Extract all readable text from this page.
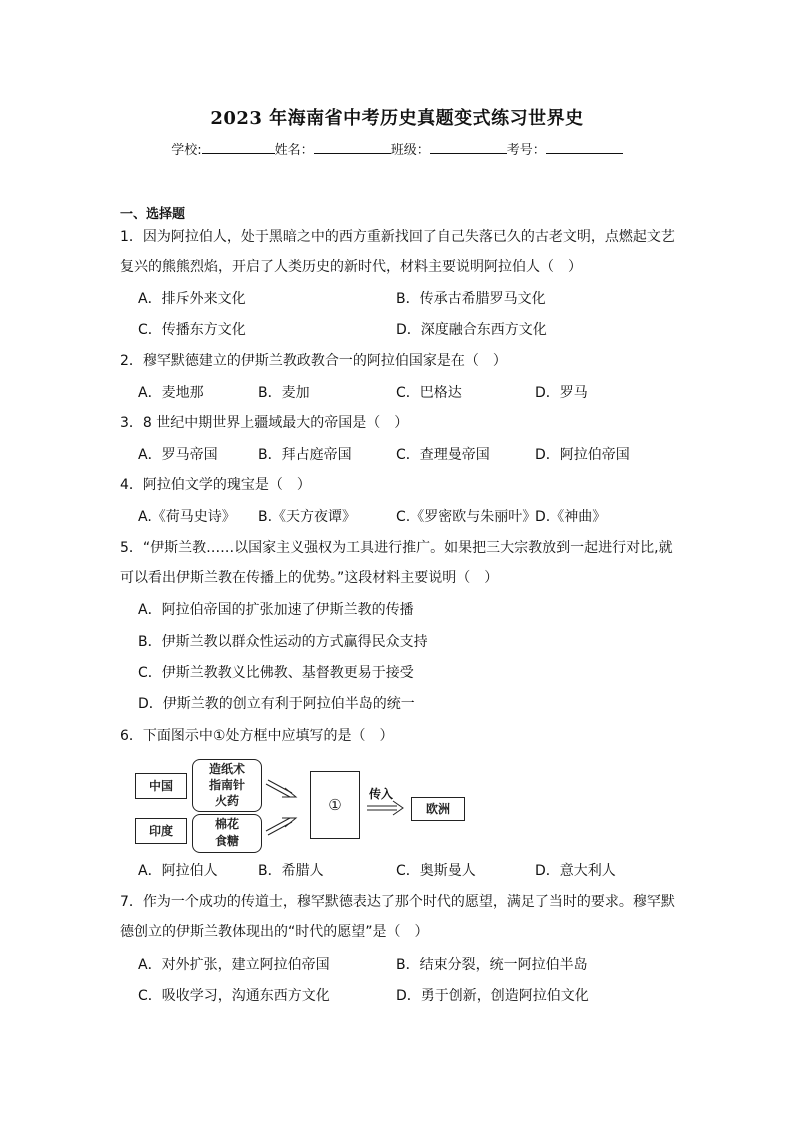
2023 年海南省中考历史真题变式练习世界史
学校:	姓名：	班级：	考号：
一、选择题
1．因为阿拉伯人，处于黑暗之中的西方重新找回了自己失落已久的古老文明，点燃起文艺
复兴的熊熊烈焰，开启了人类历史的新时代，材料主要说明阿拉伯人（　）
A．排斥外来文化	B．传承古希腊罗马文化
C．传播东方文化	D．深度融合东西方文化
2．穆罕默德建立的伊斯兰教政教合一的阿拉伯国家是在（　）
A．麦地那	B．麦加	C．巴格达	D．罗马
3．8 世纪中期世界上疆域最大的帝国是（　）
A．罗马帝国	B．拜占庭帝国	C．查理曼帝国	D．阿拉伯帝国
4．阿拉伯文学的瑰宝是（　）
A.《荷马史诗》 B.《天方夜谭》	C.《罗密欧与朱丽叶》
D.《神曲》
5．“伊斯兰教……以国家主义强权为工具进行推广。如果把三大宗教放到一起进行对比,就
可以看出伊斯兰教在传播上的优势。”这段材料主要说明（　）
A．阿拉伯帝国的扩张加速了伊斯兰教的传播
B．伊斯兰教以群众性运动的方式赢得民众支持
C．伊斯兰教教义比佛教、基督教更易于接受
D．伊斯兰教的创立有利于阿拉伯半岛的统一
6．下面图示中①处方框中应填写的是（　）
中国
印度
造纸术
指南针
火药
棉花
食糖
①
传入
欧洲
A．阿拉伯人	B．希腊人	C．奥斯曼人	D．意大利人
7．作为一个成功的传道士，穆罕默德表达了那个时代的愿望，满足了当时的要求。穆罕默
德创立的伊斯兰教体现出的“时代的愿望”是（　）
A．对外扩张，建立阿拉伯帝国	B．结束分裂，统一阿拉伯半岛
C．吸收学习，沟通东西方文化	D．勇于创新，创造阿拉伯文化
